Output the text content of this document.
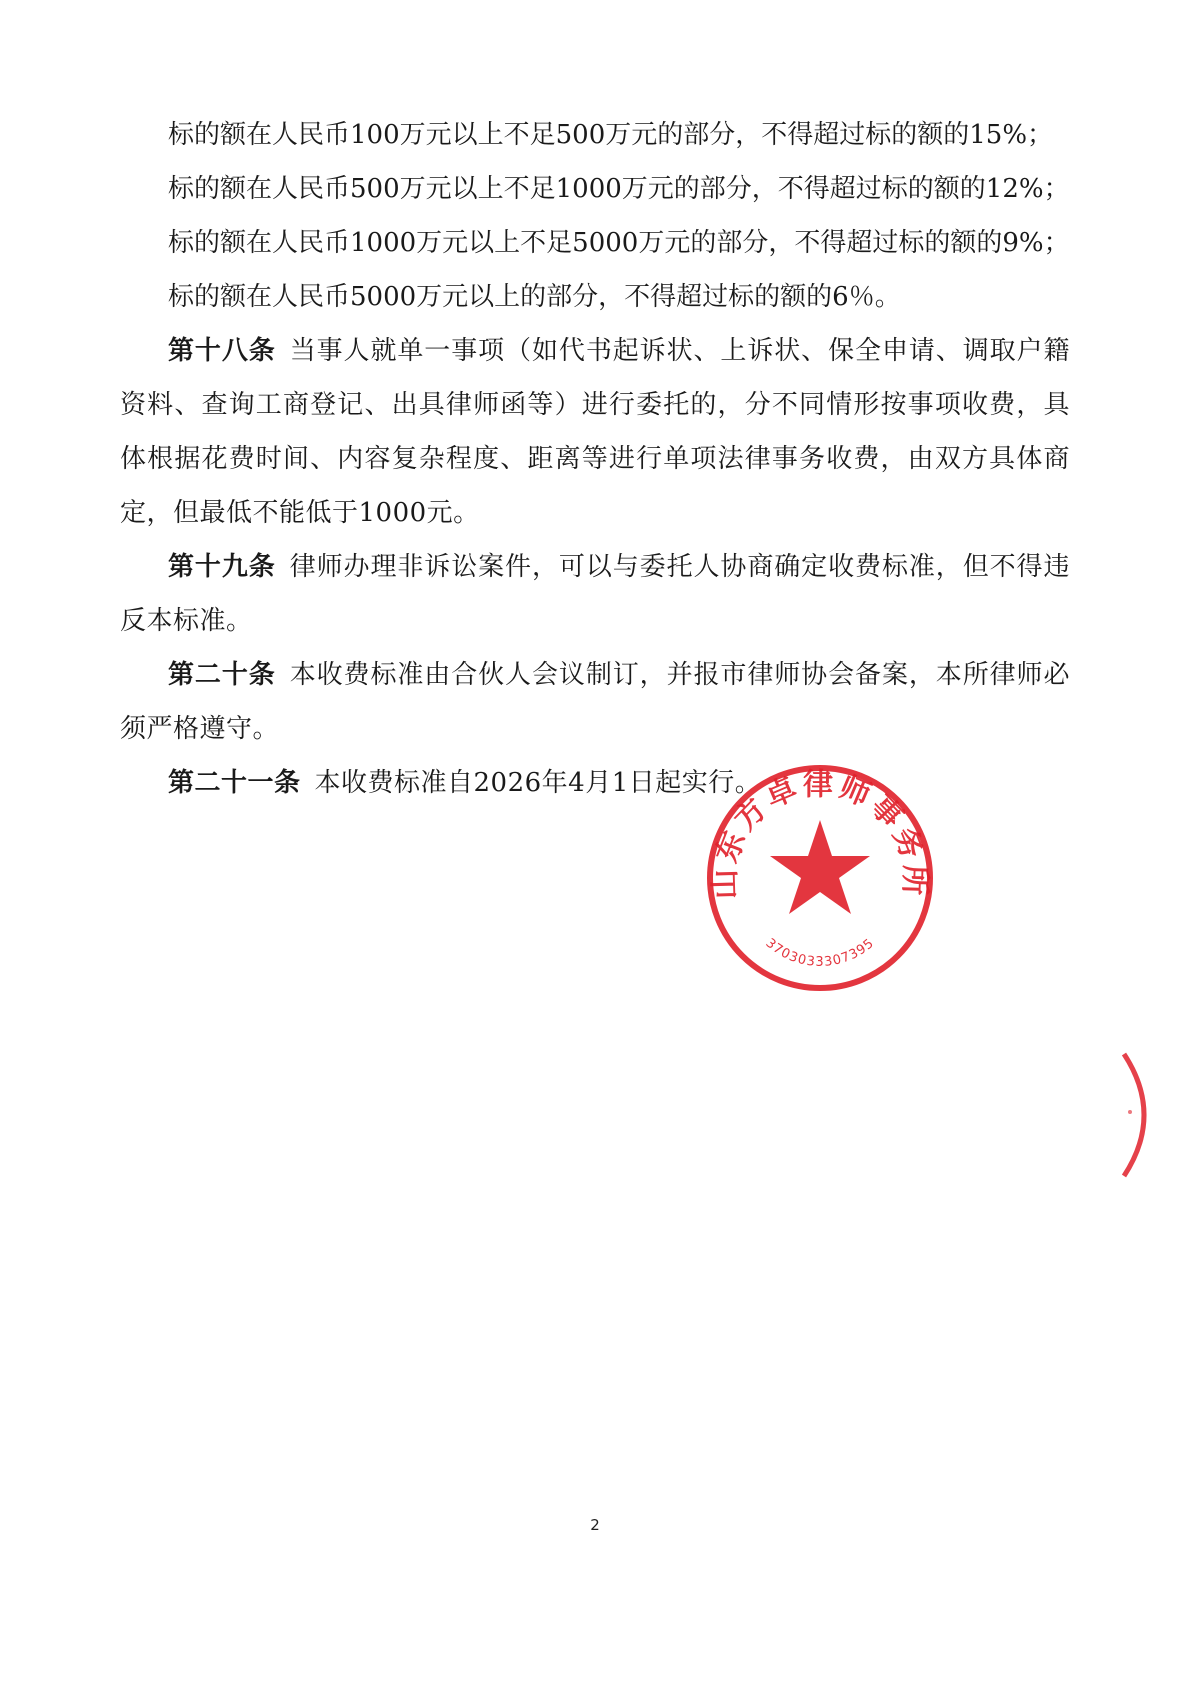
标的额在人民币100万元以上不足500万元的部分，不得超过标的额的15%；
标的额在人民币500万元以上不足1000万元的部分，不得超过标的额的12%；
标的额在人民币1000万元以上不足5000万元的部分，不得超过标的额的9%；
标的额在人民币5000万元以上的部分，不得超过标的额的6％。
第十八条 当事人就单一事项（如代书起诉状、上诉状、保全申请、调取户籍资料、查询工商登记、出具律师函等）进行委托的，分不同情形按事项收费，具体根据花费时间、内容复杂程度、距离等进行单项法律事务收费，由双方具体商定，但最低不能低于1000元。
第十九条 律师办理非诉讼案件，可以与委托人协商确定收费标准，但不得违反本标准。
第二十条 本收费标准由合伙人会议制订，并报市律师协会备案，本所律师必须严格遵守。
第二十一条 本收费标准自2026年4月1日起实行。
山东方卓律师事务所
3703033307395
2
